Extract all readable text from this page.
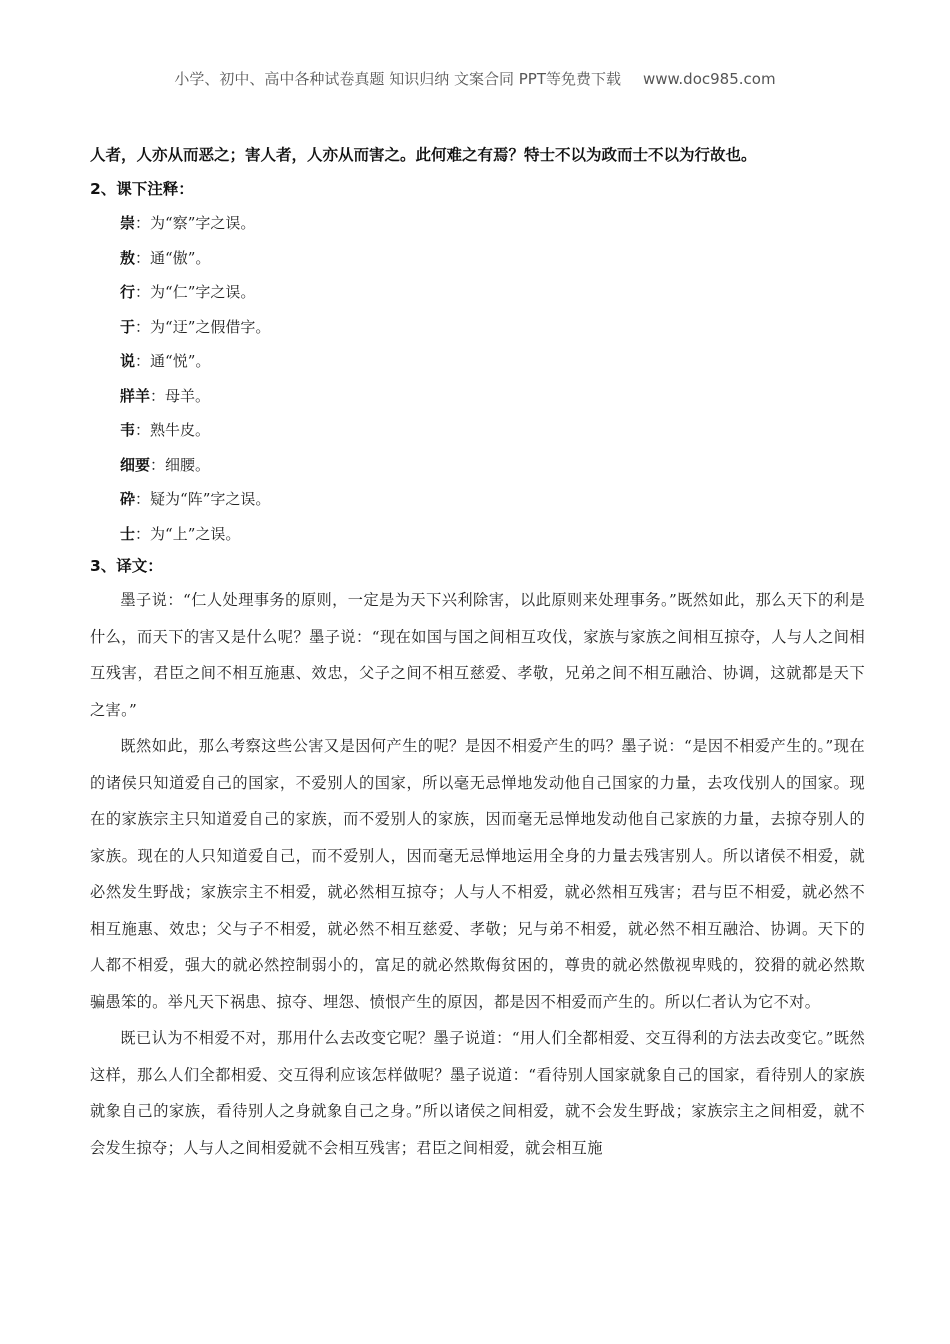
小学、初中、高中各种试卷真题 知识归纳 文案合同 PPT等免费下载 www.doc985.com

人者，人亦从而恶之；害人者，人亦从而害之。此何难之有焉？特士不以为政而士不以为行故也。

2、课下注释：
崇：为“察”字之误。
敖：通“傲”。
行：为“仁”字之误。
于：为“迂”之假借字。
说：通“悦”。
牂羊：母羊。
韦：熟牛皮。
细要：细腰。
砕：疑为“阵”字之误。
士：为“上”之误。
3、译文：

墨子说：“仁人处理事务的原则，一定是为天下兴利除害，以此原则来处理事务。”既然如此，那么天下的利是什么，而天下的害又是什么呢？墨子说：“现在如国与国之间相互攻伐，家族与家族之间相互掠夺，人与人之间相互残害，君臣之间不相互施惠、效忠，父子之间不相互慈爱、孝敬，兄弟之间不相互融洽、协调，这就都是天下之害。”

既然如此，那么考察这些公害又是因何产生的呢？是因不相爱产生的吗？墨子说：“是因不相爱产生的。”现在的诸侯只知道爱自己的国家，不爱别人的国家，所以毫无忌惮地发动他自己国家的力量，去攻伐别人的国家。现在的家族宗主只知道爱自己的家族，而不爱别人的家族，因而毫无忌惮地发动他自己家族的力量，去掠夺别人的家族。现在的人只知道爱自己，而不爱别人，因而毫无忌惮地运用全身的力量去残害别人。所以诸侯不相爱，就必然发生野战；家族宗主不相爱，就必然相互掠夺；人与人不相爱，就必然相互残害；君与臣不相爱，就必然不相互施惠、效忠；父与子不相爱，就必然不相互慈爱、孝敬；兄与弟不相爱，就必然不相互融洽、协调。天下的人都不相爱，强大的就必然控制弱小的，富足的就必然欺侮贫困的，尊贵的就必然傲视卑贱的，狡猾的就必然欺骗愚笨的。举凡天下祸患、掠夺、埋怨、愤恨产生的原因，都是因不相爱而产生的。所以仁者认为它不对。

既已认为不相爱不对，那用什么去改变它呢？墨子说道：“用人们全都相爱、交互得利的方法去改变它。”既然这样，那么人们全都相爱、交互得利应该怎样做呢？墨子说道：“看待别人国家就象自己的国家，看待别人的家族就象自己的家族，看待别人之身就象自己之身。”所以诸侯之间相爱，就不会发生野战；家族宗主之间相爱，就不会发生掠夺；人与人之间相爱就不会相互残害；君臣之间相爱，就会相互施
